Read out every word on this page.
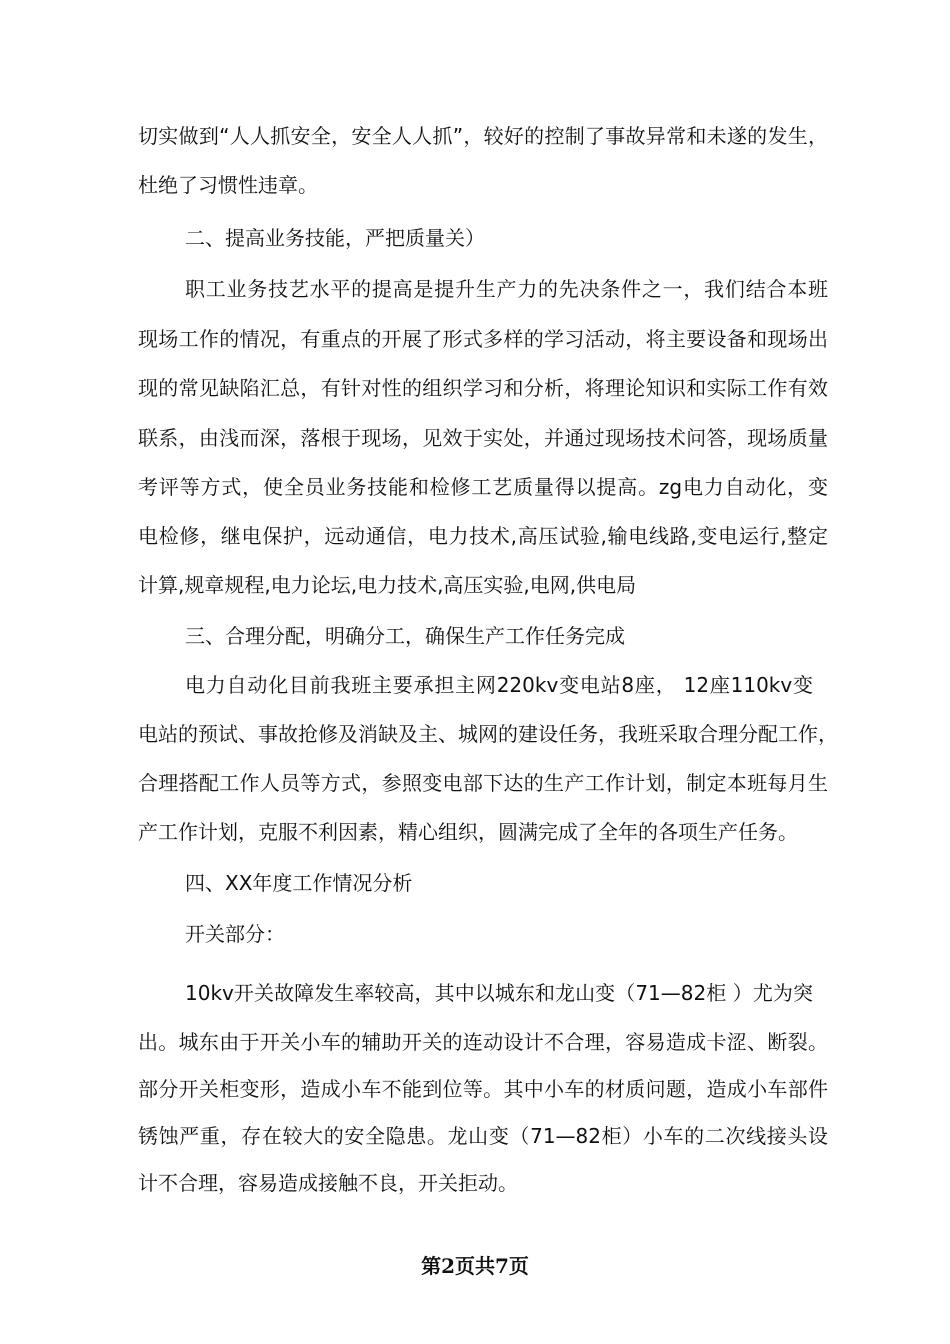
切实做到“人人抓安全，安全人人抓”，较好的控制了事故异常和未遂的发生，

杜绝了习惯性违章。

二、提高业务技能，严把质量关）

职工业务技艺水平的提高是提升生产力的先决条件之一，我们结合本班

现场工作的情况，有重点的开展了形式多样的学习活动，将主要设备和现场出

现的常见缺陷汇总，有针对性的组织学习和分析，将理论知识和实际工作有效

联系，由浅而深，落根于现场，见效于实处，并通过现场技术问答，现场质量

考评等方式，使全员业务技能和检修工艺质量得以提高。zg电力自动化，变

电检修，继电保护，远动通信，电力技术,高压试验,输电线路,变电运行,整定

计算,规章规程,电力论坛,电力技术,高压实验,电网,供电局

三、合理分配，明确分工，确保生产工作任务完成

电力自动化目前我班主要承担主网220kv变电站8座， 12座110kv变

电站的预试、事故抢修及消缺及主、城网的建设任务，我班采取合理分配工作，

合理搭配工作人员等方式，参照变电部下达的生产工作计划，制定本班每月生

产工作计划，克服不利因素，精心组织，圆满完成了全年的各项生产任务。

四、XX年度工作情况分析

开关部分：

10kv开关故障发生率较高，其中以城东和龙山变（71—82柜 ）尤为突

出。城东由于开关小车的辅助开关的连动设计不合理，容易造成卡涩、断裂。

部分开关柜变形，造成小车不能到位等。其中小车的材质问题，造成小车部件

锈蚀严重，存在较大的安全隐患。龙山变（71—82柜）小车的二次线接头设

计不合理，容易造成接触不良，开关拒动。

第2页共7页
